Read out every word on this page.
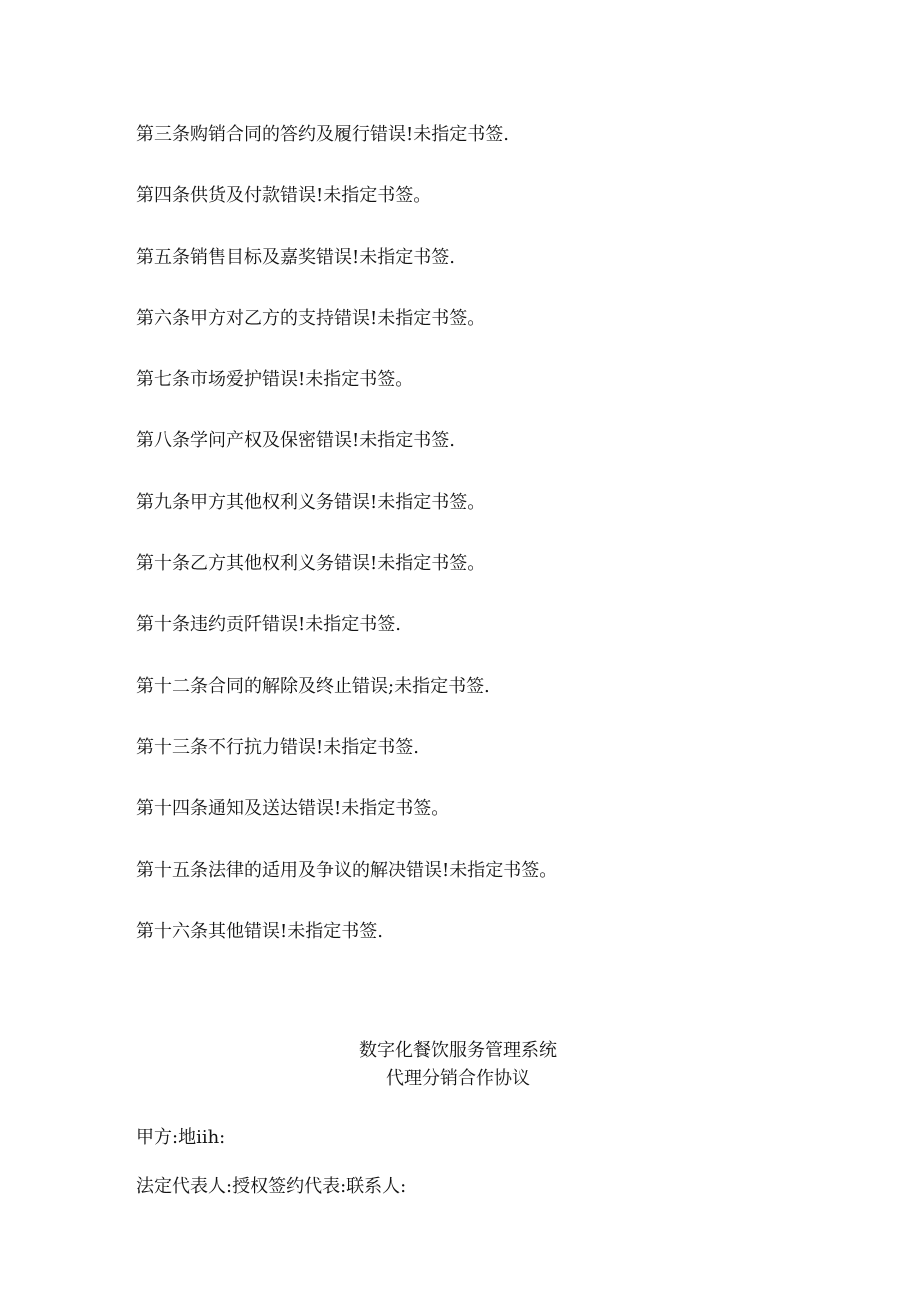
第三条购销合同的答约及履行错误!未指定书签.
第四条供货及付款错误!未指定书签。
第五条销售目标及嘉奖错误!未指定书签.
第六条甲方对乙方的支持错误!未指定书签。
第七条市场爱护错误!未指定书签。
第八条学问产权及保密错误!未指定书签.
第九条甲方其他权利义务错误!未指定书签。
第十条乙方其他权利义务错误!未指定书签。
第十条违约贡阡错误!未指定书签.
第十二条合同的解除及终止错误;未指定书签.
第十三条不行抗力错误!未指定书签.
第十四条通知及送达错误!未指定书签。
第十五条法律的适用及争议的解决错误!未指定书签。
第十六条其他错误!未指定书签.
数字化餐饮服务管理系统
代理分销合作协议
甲方:地iih:
法定代表人:授权签约代表:联系人:
